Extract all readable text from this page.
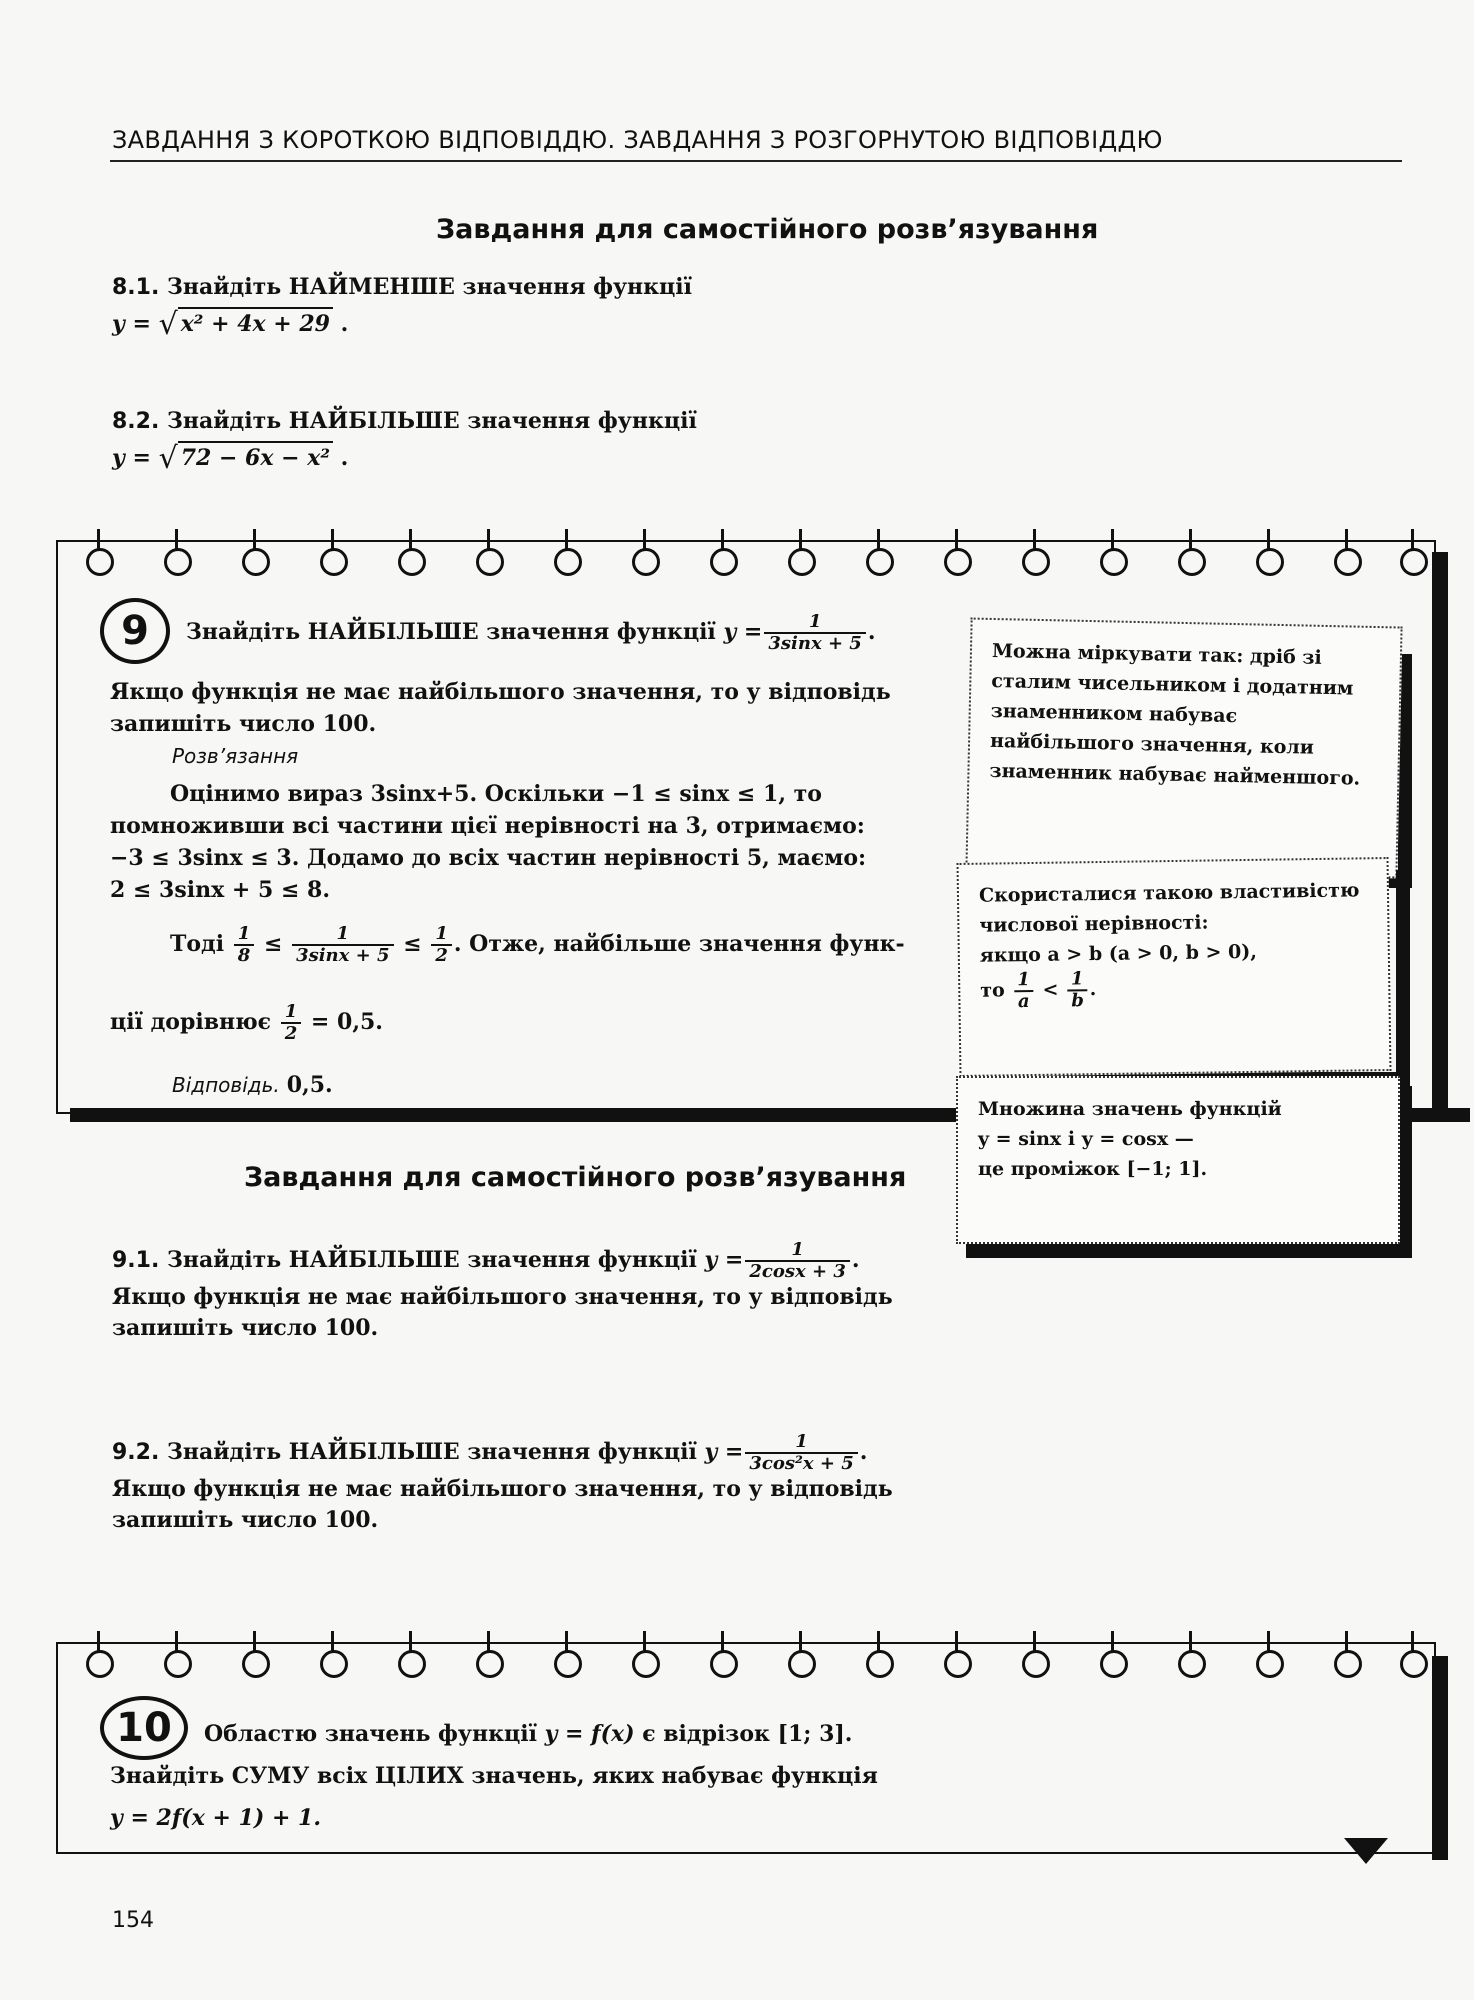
ЗАВДАННЯ З КОРОТКОЮ ВІДПОВІДДЮ. ЗАВДАННЯ З РОЗГОРНУТОЮ ВІДПОВІДДЮ
Завдання для самостійного розв’язування
8.1. Знайдіть НАЙМЕНШЕ значення функції
y = √ x² + 4x + 29 .
8.2. Знайдіть НАЙБІЛЬШЕ значення функції
y = √ 72 − 6x − x² .
9	Знайдіть НАЙБІЛЬШЕ значення функції $y = \frac{1}{3\sin x + 5}$ .
Якщо функція не має найбільшого значення, то у відповідь запишіть число 100.
Розв’язання
Оцінимо вираз 3sinx+5. Оскільки −1 ≤ sinx ≤ 1, то
помноживши всі частини цієї нерівності на 3, отримаємо:
−3 ≤ 3sinx ≤ 3. Додамо до всіх частин нерівності 5, маємо:
2 ≤ 3sinx + 5 ≤ 8.
Тоді $\frac{1}{8} \le \frac{1}{3\sin x + 5} \le \frac{1}{2}$ . Отже, найбільше значення функ-
ції дорівнює $\frac{1}{2} = 0,5$.
Відповідь. 0,5.
Можна міркувати так: дріб зі сталим чисельником і додатним знаменником набуває найбільшого значення, коли знаменник набуває найменшого.
Скористалися такою властивістю числової нерівності:
якщо a > b (a > 0, b > 0),
то $\frac{1}{a} < \frac{1}{b}$ .
Множина значень функцій
y = sinx і y = cosx —
це проміжок [−1; 1].
Завдання для самостійного розв’язування
9.1. Знайдіть НАЙБІЛЬШЕ значення функції $y = \frac{1}{2\cos x + 3}$ .
Якщо функція не має найбільшого значення, то у відповідь запишіть число 100.
9.2. Знайдіть НАЙБІЛЬШЕ значення функції $y = \frac{1}{\text{3cos²x + 5}}$ .
Якщо функція не має найбільшого значення, то у відповідь запишіть число 100.
10	Областю значень функції y = f(x) є відрізок [1; 3].
Знайдіть СУМУ всіх ЦІЛИХ значень, яких набуває функція
y = 2f(x + 1) + 1.
154
